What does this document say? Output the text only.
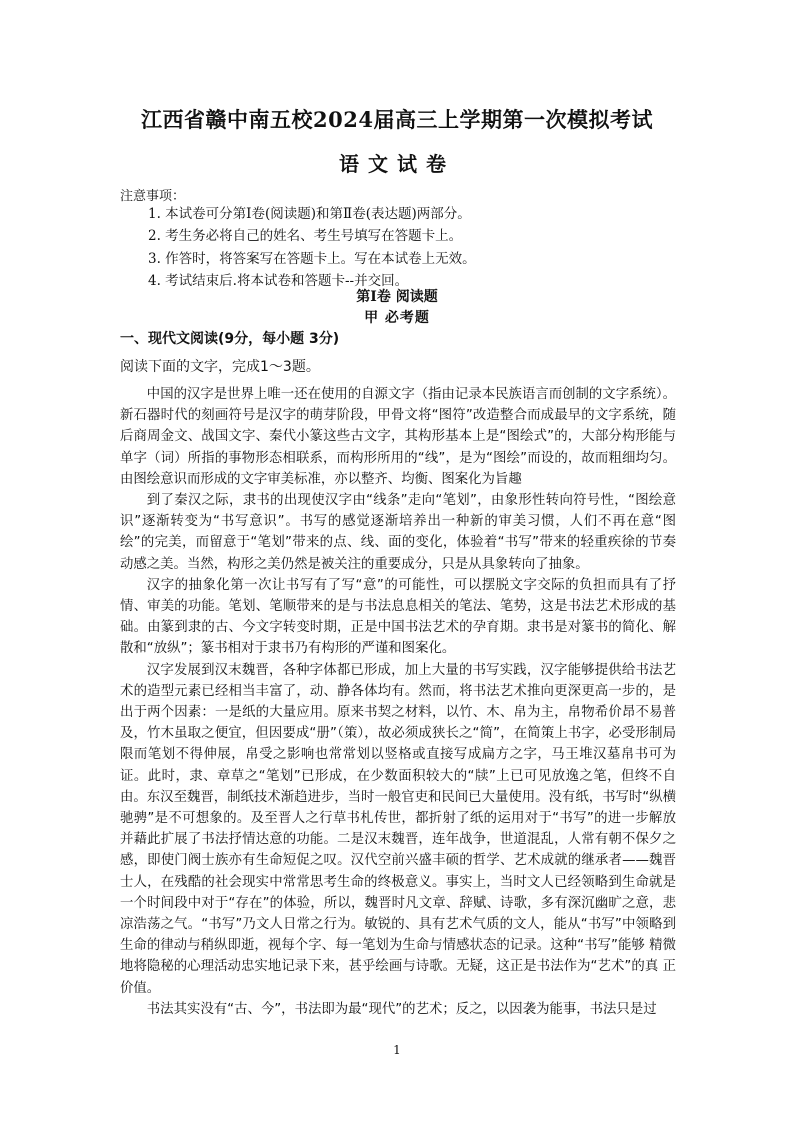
江西省赣中南五校2024届高三上学期第一次模拟考试
语文试卷
注意事项：
1. 本试卷可分第Ⅰ卷(阅读题)和第Ⅱ卷(表达题)两部分。
2. 考生务必将自己的姓名、考生号填写在答题卡上。
3. 作答时，将答案写在答题卡上。写在本试卷上无效。
4. 考试结束后.将本试卷和答题卡--并交回。
第Ⅰ卷 阅读题
甲 必考题
一、现代文阅读(9分，每小题 3分)
阅读下面的文字，完成1～3题。

中国的汉字是世界上唯一还在使用的自源文字（指由记录本民族语言而创制的文字系统）。新石器时代的刻画符号是汉字的萌芽阶段，甲骨文将“图符”改造整合而成最早的文字系统，随后商周金文、战国文字、秦代小篆这些古文字，其构形基本上是“图绘式”的，大部分构形能与单字（词）所指的事物形态相联系，而构形所用的“线”，是为“图绘”而设的，故而粗细均匀。由图绘意识而形成的文字审美标准，亦以整齐、均衡、图案化为旨趣

到了秦汉之际，隶书的出现使汉字由“线条”走向“笔划”，由象形性转向符号性，“图绘意识”逐渐转变为“书写意识”。书写的感觉逐渐培养出一种新的审美习惯，人们不再在意“图绘”的完美，而留意于“笔划”带来的点、线、面的变化，体验着“书写”带来的轻重疾徐的节奏动感之美。当然，构形之美仍然是被关注的重要成分，只是从具象转向了抽象。

汉字的抽象化第一次让书写有了写“意”的可能性，可以摆脱文字交际的负担而具有了抒情、审美的功能。笔划、笔顺带来的是与书法息息相关的笔法、笔势，这是书法艺术形成的基础。由篆到隶的古、今文字转变时期，正是中国书法艺术的孕育期。隶书是对篆书的简化、解散和“放纵”；篆书相对于隶书乃有构形的严谨和图案化。

汉字发展到汉末魏晋，各种字体都已形成，加上大量的书写实践，汉字能够提供给书法艺术的造型元素已经相当丰富了，动、静各体均有。然而，将书法艺术推向更深更高一步的，是出于两个因素：一是纸的大量应用。原来书契之材料，以竹、木、帛为主，帛物希价昂不易普及，竹木虽取之便宜，但因要成“册”（策），故必须成狭长之“简”，在简策上书字，必受形制局限而笔划不得伸展，帛受之影响也常常划以竖格或直接写成扁方之字，马王堆汉墓帛书可为证。此时，隶、章草之“笔划”已形成，在少数面积较大的“牍”上已可见放逸之笔，但终不自由。东汉至魏晋，制纸技术渐趋进步，当时一般官吏和民间已大量使用。没有纸，书写时“纵横驰骋”是不可想象的。及至晋人之行草书札传世，都折射了纸的运用对于“书写”的进一步解放并藉此扩展了书法抒情达意的功能。二是汉末魏晋，连年战争，世道混乱，人常有朝不保夕之感，即使门阀士族亦有生命短促之叹。汉代空前兴盛丰硕的哲学、艺术成就的继承者——魏晋士人，在残酷的社会现实中常常思考生命的终极意义。事实上，当时文人已经领略到生命就是一个时间段中对于“存在”的体验，所以，魏晋时凡文章、辞赋、诗歌，多有深沉幽旷之意，悲凉浩荡之气。“书写”乃文人日常之行为。敏锐的、具有艺术气质的文人，能从“书写”中领略到生命的律动与稍纵即逝，视每个字、每一笔划为生命与情感状态的记录。这种“书写”能够 精微地将隐秘的心理活动忠实地记录下来，甚乎绘画与诗歌。无疑，这正是书法作为“艺术”的真 正价值。

书法其实没有“古、今”，书法即为最“现代”的艺术；反之，以因袭为能事，书法只是过

1
